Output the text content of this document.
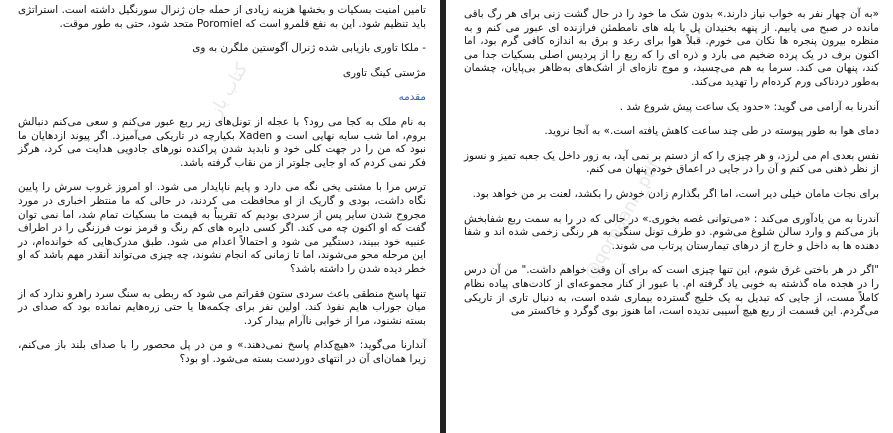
تامین امنیت بسکیات و بخشها هزینه زیادی از حمله جان ژنرال سورنگیل داشته است. استراتژی باید تنظیم شود. این به نفع قلمرو است که Poromiel متحد شود، حتی به طور موقت.

- ملکا تاوری بازیابی شده ژنرال آگوستین ملگرن به وی

مژستی کینگ تاوری

مقدمه

به نام ملک به کجا می رود؟ با عجله از تونل‌های زیر ربع عبور می‌کنم و سعی می‌کنم دنبالش بروم، اما شب سایه نهایی است و Xaden بکیارچه در تاریکی می‌آمیزد. اگر پیوند ازدهایان ما نبود که من را در جهت کلی خود و نابدید شدن پراکنده نورهای جادویی هدایت می کرد، هرگز فکر نمی کردم که او جایی جلوتر از من نقاب گرفته باشد.

ترس مرا با مشتی یخی نگه می دارد و پایم ناپایدار می شود. او امروز غروب سرش را پایین نگاه داشت، بودی و گاریک از او محافظت می کردند، در حالی که ما منتظر اخباری در مورد مجروح شدن سایر پس از سردی بودیم که تقریباً به قیمت ما بسکیات تمام شد، اما نمی توان گفت که او اکنون چه می کند. اگر کسی دایره های کم رنگ و قرمز نوت فرزنگی را در اطراف عنبیه خود ببیند، دستگیر می شود و احتمالاً اعدام می شود. طبق مدرک‌هایی که خوانده‌ام، در این مرحله محو می‌شوند، اما تا زمانی که انجام نشوند، چه چیزی می‌تواند آنقدر مهم باشد که او خطر دیده شدن را داشته باشد؟

تنها پاسخ منطقی باعث سردی ستون فقراتم می شود که ربطی به سنگ سرد راهرو ندارد که از میان جوراب هایم نفوذ کند. اولین نفر برای چکمه‌ها یا حتی زره‌هایم نمانده بود که صدای در بسته نشنود، مرا از خوابی ناآرام بیدار کرد.

آندارنا می‌گوید: «هیچ‌کدام پاسخ نمی‌دهند.» و من در پل محصور را با صدای بلند باز می‌کنم، زیرا همان‌ای آن در انتهای دوردست بسته می‌شود. او بود؟

کتاب باز

«به آن چهار نفر به خواب نیاز دارند.» بدون شک ما خود را در حال گشت زنی برای هر رگ باقی مانده در صبح می یابیم. از پنهه بخنیدان پل با پله های نامطمئن فرازنده ای عبور می کنم و به منظره بیرون پنجره ها نکان می خورم. قبلاً هوا برای رعد و برق به اندازه کافی گرم بود، اما اکنون برف در یک پرده ضخیم می بارد و ذره ای را که ربع را از پردیس اصلی بسکیات جدا می کند، پنهان می کند. سرما به هم می‌چسبد، و موج تازه‌ای از اشک‌های به‌ظاهر بی‌پایان، چشمان به‌طور دردناکی ورم کرده‌ام را تهدید می‌کند.

آندرنا به آرامی می گوید: «حدود یک ساعت پیش شروع شد .

دمای هوا به طور پیوسته در طی چند ساعت کاهش یافته است.» به آنجا نروید.

نفس بعدی ام می لرزد، و هر چیزی را که از دستم بر نمی آید، به زور داخل یک جعبه تمیز و نسوز از نظر ذهنی می کنم و آن را در جایی در اعماق خودم پنهان می کنم.

برای نجات مامان خیلی دیر است، اما اگر بگذارم زادن خودش را بکشد، لعنت بر من خواهد بود.

آندرنا به من یادآوری می‌کند : «می‌توانی غصه بخوری.» در حالی که در را به سمت ربع شفابخش باز می‌کنم و وارد سالن شلوغ می‌شوم. دو طرف تونل سنگی به هر رنگی زخمی شده اند و شفا دهنده ها به داخل و خارج از درهای تیمارستان پرتاب می شوند.

"اگر در هر باختی غرق شوم، این تنها چیزی است که برای آن وقت خواهم داشت." من آن درس را در هجده ماه گذشته به خوبی یاد گرفته ام. با عبور از کنار مجموعه‌ای از کادت‌های پیاده نظام کاملاً مست، از جایی که تبدیل به یک خلیج گسترده بیماری شده است، به دنبال تاری از تاریکی می‌گردم. این قسمت از ربع هیچ آسیبی ندیده است، اما هنوز بوی گوگرد و خاکستر می

@qorbaanii_pdf
